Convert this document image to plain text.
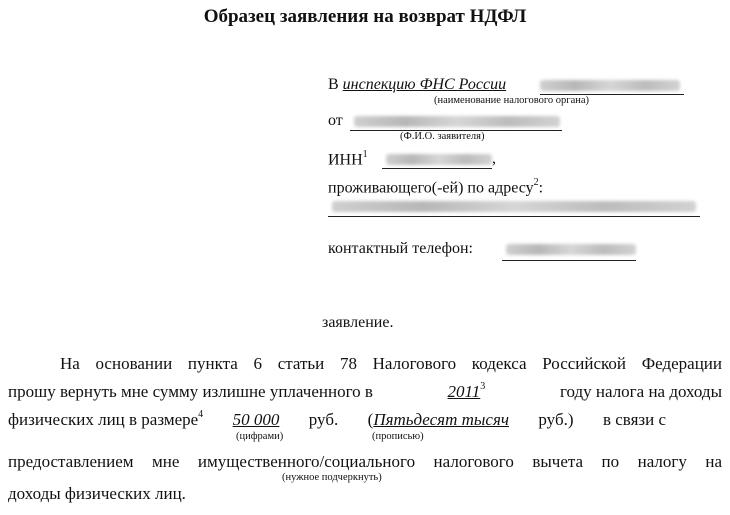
Образец заявления на возврат НДФЛ
В инспекцию ФНС России
(наименование налогового органа)
от
(Ф.И.О. заявителя)
ИНН$^1$	,
проживающего(-ей) по адресу$^2$:
контактный телефон:
заявление.
На основании пункта 6 статьи 78 Налогового кодекса Российской Федерации
прошу вернуть мне сумму излишне уплаченного в	2011$^3$	году налога на доходы
физических лиц в размере$^4$ 50 000 руб. (Пятьдесят тысяч руб.) в связи с
(цифрами)	(прописью)
предоставлением мне имущественного/социального налогового вычета по налогу на
(нужное подчеркнуть)
доходы физических лиц.
